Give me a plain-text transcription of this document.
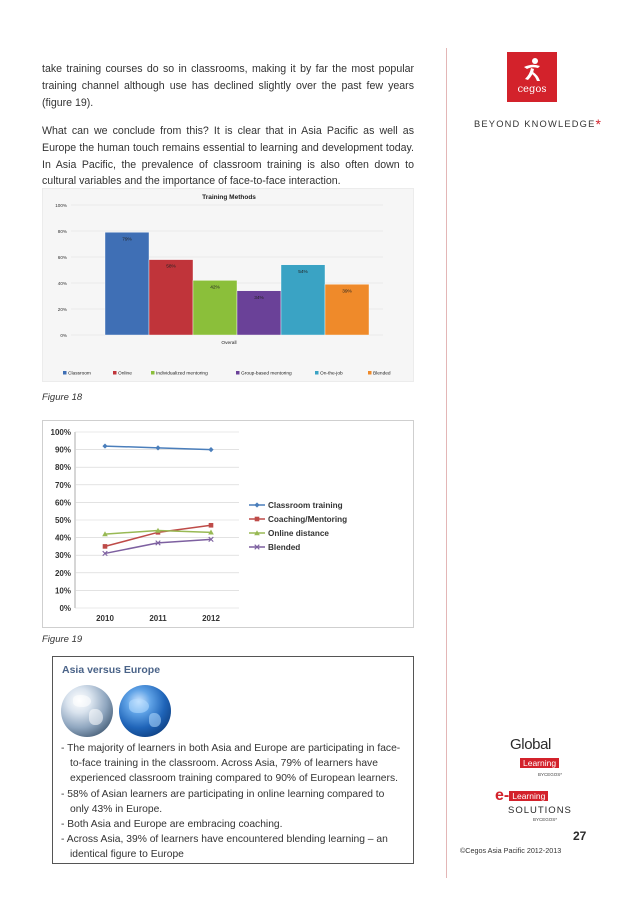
take training courses do so in classrooms, making it by far the most popular training channel although use has declined slightly over the past few years (figure 19).

What can we conclude from this? It is clear that in Asia Pacific as well as Europe the human touch remains essential to learning and development today. In Asia Pacific, the prevalence of classroom training is also often down to cultural variables and the importance of face-to-face interaction.

Training Methods
0%
20%
40%
60%
80%
100%
79%
58%
42%
34%
54%
39%
Overall
Classroom	Online	Individualized mentoring	Group-based mentoring	On-the-job	Blended
Figure 18
0%
10%
20%
30%
40%
50%
60%
70%
80%
90%
100%
2010	2011	2012
Classroom training
Coaching/Mentoring
Online distance
Blended
Figure 19
Asia versus Europe
- The majority of learners in both Asia and Europe are participating in face-to-face training in the classroom. Across Asia, 79% of learners have experienced classroom training compared to 90% of European learners.
- 58% of Asian learners are participating in online learning compared to only 43% in Europe.
- Both Asia and Europe are embracing coaching.
- Across Asia, 39% of learners have encountered blending learning – an identical figure to Europe
cegos
BEYOND KNOWLEDGE*
Global
Learning
BYCEGOS*
e- Learning
SOLUTIONS
BYCEGOS*
27
©Cegos Asia Pacific 2012-2013
